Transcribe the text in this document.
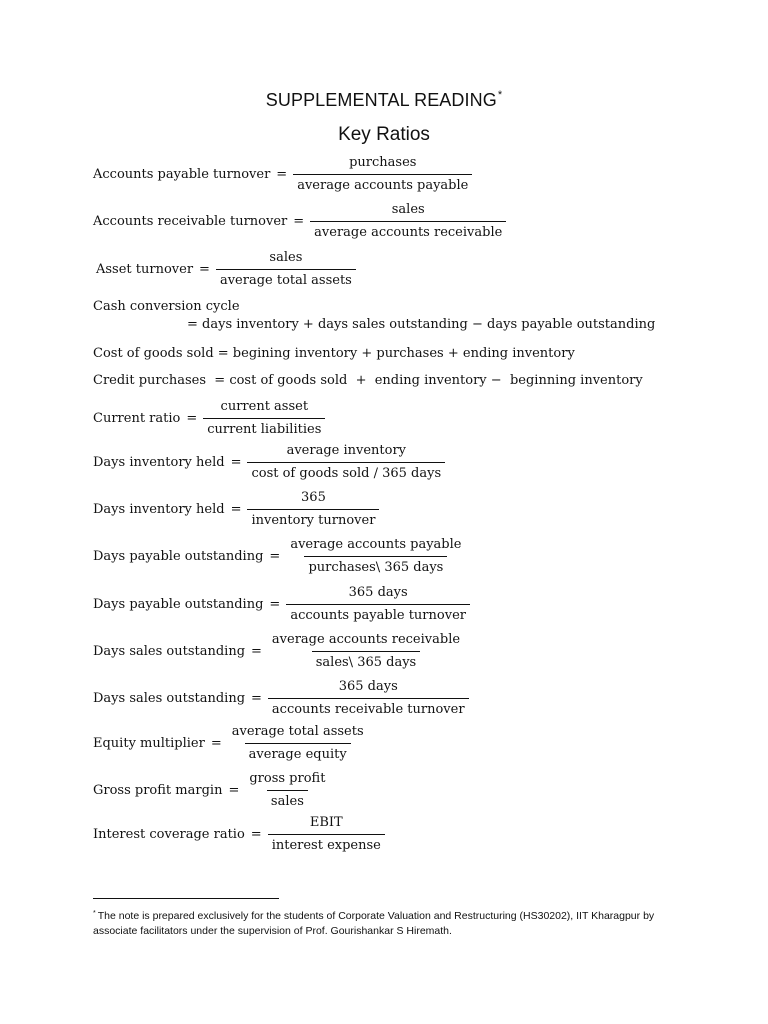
SUPPLEMENTAL READING*
Key Ratios
Accounts payable turnover = $\frac{\text{purchases}}{\text{average accounts payable}}$
Accounts receivable turnover = $\frac{\text{sales}}{\text{average accounts receivable}}$
Asset turnover = $\frac{\text{sales}}{\text{average total assets}}$
Cash conversion cycle
= days inventory + days sales outstanding − days payable outstanding
Cost of goods sold = begining inventory + purchases + ending inventory
Credit purchases  = cost of goods sold  +  ending inventory −  beginning inventory
Current ratio = $\frac{\text{current asset}}{\text{current liabilities}}$
Days inventory held = $\frac{\text{average inventory}}{\text{cost of goods sold / 365 days}}$
Days inventory held = $\frac{365}{\text{inventory turnover}}$
Days payable outstanding = $\frac{\text{average accounts payable}}{\text{purchases\textbackslash{} 365 days}}$
Days payable outstanding = $\frac{\text{365 days}}{\text{accounts payable turnover}}$
Days sales outstanding = $\frac{\text{average accounts receivable}}{\text{sales\textbackslash{} 365 days}}$
Days sales outstanding = $\frac{\text{365 days}}{\text{accounts receivable turnover}}$
Equity multiplier = $\frac{\text{average total assets}}{\text{average equity}}$
Gross profit margin = $\frac{\text{gross profit}}{\text{sales}}$
Interest coverage ratio = $\frac{\text{EBIT}}{\text{interest expense}}$
* The note is prepared exclusively for the students of Corporate Valuation and Restructuring (HS30202), IIT Kharagpur by associate facilitators under the supervision of Prof. Gourishankar S Hiremath.
